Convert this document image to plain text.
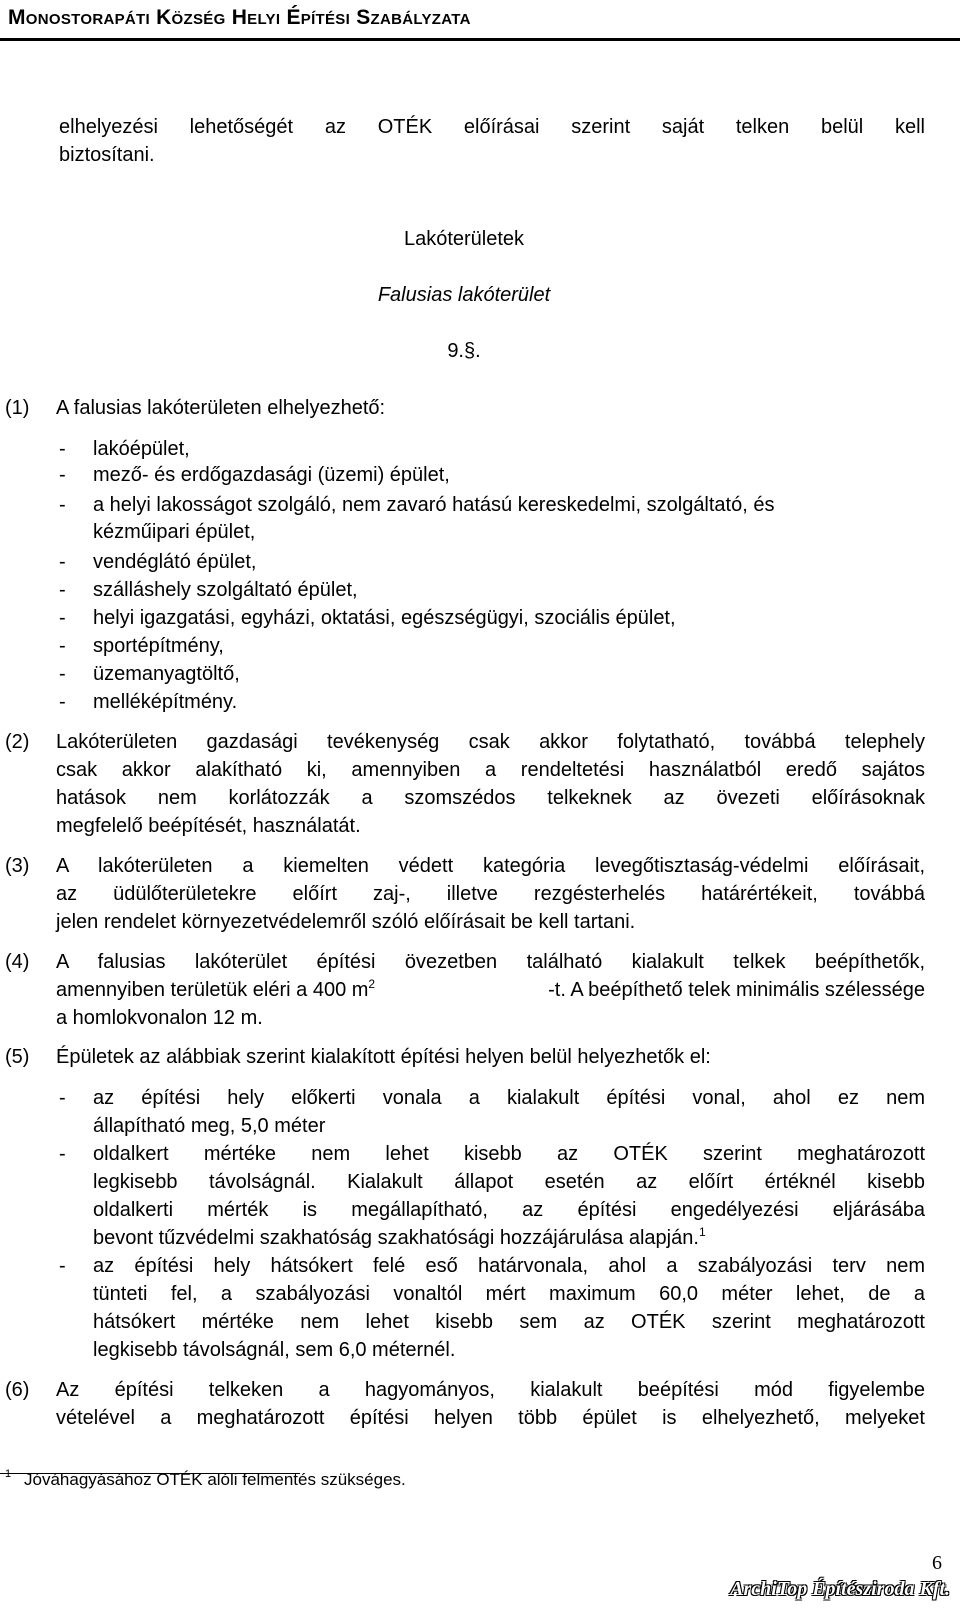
Monostorapáti Község Helyi Építési Szabályzata
elhelyezési lehetőségét az OTÉK előírásai szerint saját telken belül kell
biztosítani.
Lakóterületek
Falusias lakóterület
9.§.
(1) A falusias lakóterületen elhelyezhető:
- lakóépület,
- mező- és erdőgazdasági (üzemi) épület,
- a helyi lakosságot szolgáló, nem zavaró hatású kereskedelmi, szolgáltató, és
kézműipari épület,
- vendéglátó épület,
- szálláshely szolgáltató épület,
- helyi igazgatási, egyházi, oktatási, egészségügyi, szociális épület,
- sportépítmény,
- üzemanyagtöltő,
- melléképítmény.
(2) Lakóterületen gazdasági tevékenység csak akkor folytatható, továbbá telephely
csak akkor alakítható ki, amennyiben a rendeltetési használatból eredő sajátos
hatások nem korlátozzák a szomszédos telkeknek az övezeti előírásoknak
megfelelő beépítését, használatát.
(3) A lakóterületen a kiemelten védett kategória levegőtisztaság-védelmi előírásait,
az üdülőterületekre előírt zaj-, illetve rezgésterhelés határértékeit, továbbá
jelen rendelet környezetvédelemről szóló előírásait be kell tartani.
(4) A falusias lakóterület építési övezetben található kialakult telkek beépíthetők,
amennyiben területük eléri a 400 $m^2$	-t. A beépíthető telek minimális szélessége
a homlokvonalon 12 m.
(5) Épületek az alábbiak szerint kialakított építési helyen belül helyezhetők el:
- az építési hely előkerti vonala a kialakult építési vonal, ahol ez nem
állapítható meg, 5,0 méter
- oldalkert mértéke nem lehet kisebb az OTÉK szerint meghatározott
legkisebb távolságnál. Kialakult állapot esetén az előírt értéknél kisebb
oldalkerti mérték is megállapítható, az építési engedélyezési eljárásába
bevont tűzvédelmi szakhatóság szakhatósági hozzájárulása alapján.$^1$
- az építési hely hátsókert felé eső határvonala, ahol a szabályozási terv nem
tünteti fel, a szabályozási vonaltól mért maximum 60,0 méter lehet, de a
hátsókert mértéke nem lehet kisebb sem az OTÉK szerint meghatározott
legkisebb távolságnál, sem 6,0 méternél.
(6) Az építési telkeken a hagyományos, kialakult beépítési mód figyelembe
vételével a meghatározott építési helyen több épület is elhelyezhető, melyeket
1 Jóváhagyásához OTÉK alóli felmentés szükséges.
6
ArchiTop Építésziroda Kft.
